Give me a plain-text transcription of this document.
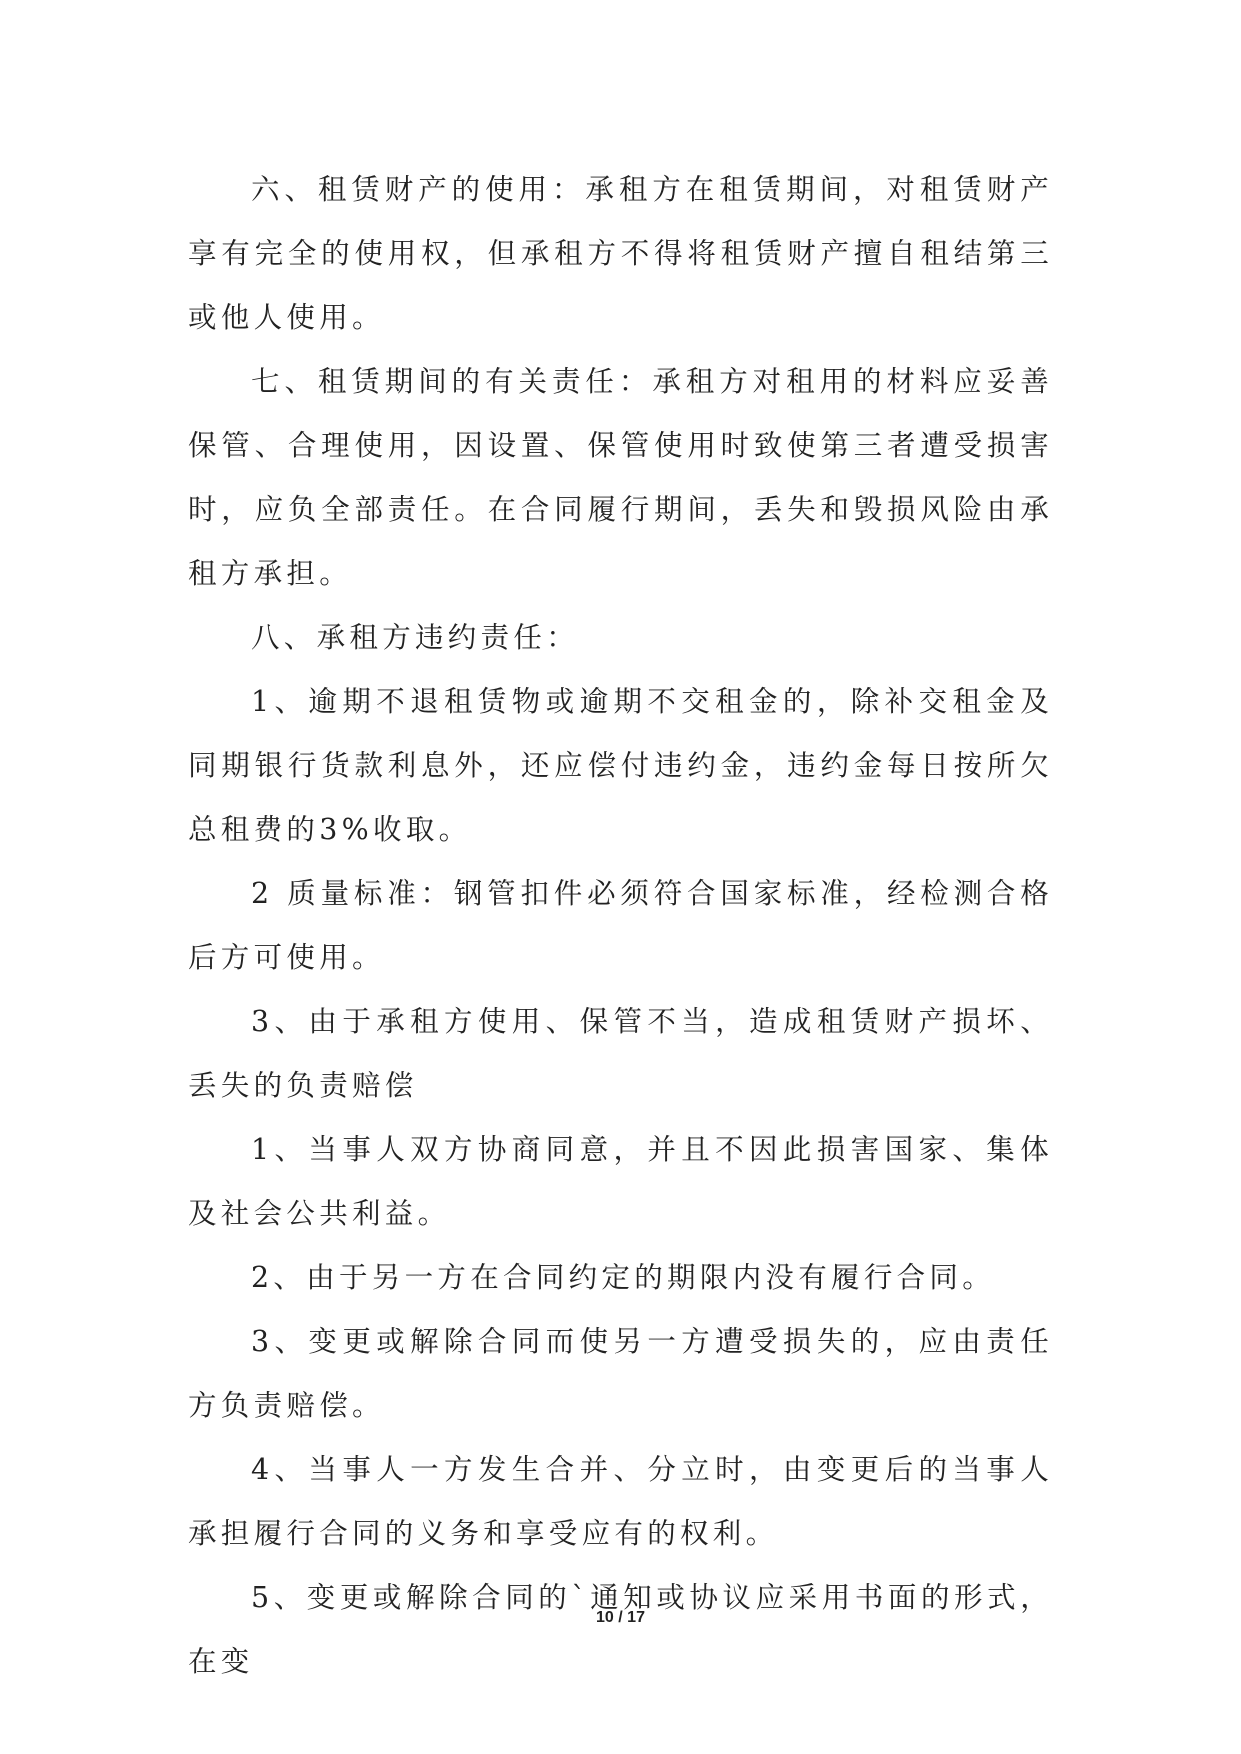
六、租赁财产的使用：承租方在租赁期间，对租赁财产享有完全的使用权，但承租方不得将租赁财产擅自租结第三或他人使用。

七、租赁期间的有关责任：承租方对租用的材料应妥善保管、合理使用，因设置、保管使用时致使第三者遭受损害时，应负全部责任。在合同履行期间，丢失和毁损风险由承租方承担。

八、承租方违约责任：

1、逾期不退租赁物或逾期不交租金的，除补交租金及同期银行货款利息外，还应偿付违约金，违约金每日按所欠总租费的3%收取。

2 质量标准：钢管扣件必须符合国家标准，经检测合格后方可使用。

3、由于承租方使用、保管不当，造成租赁财产损坏、丢失的负责赔偿

1、当事人双方协商同意，并且不因此损害国家、集体及社会公共利益。

2、由于另一方在合同约定的期限内没有履行合同。

3、变更或解除合同而使另一方遭受损失的，应由责任方负责赔偿。

4、当事人一方发生合并、分立时，由变更后的当事人承担履行合同的义务和享受应有的权利。

5、变更或解除合同的`通知或协议应采用书面的形式，在变

10 / 17
